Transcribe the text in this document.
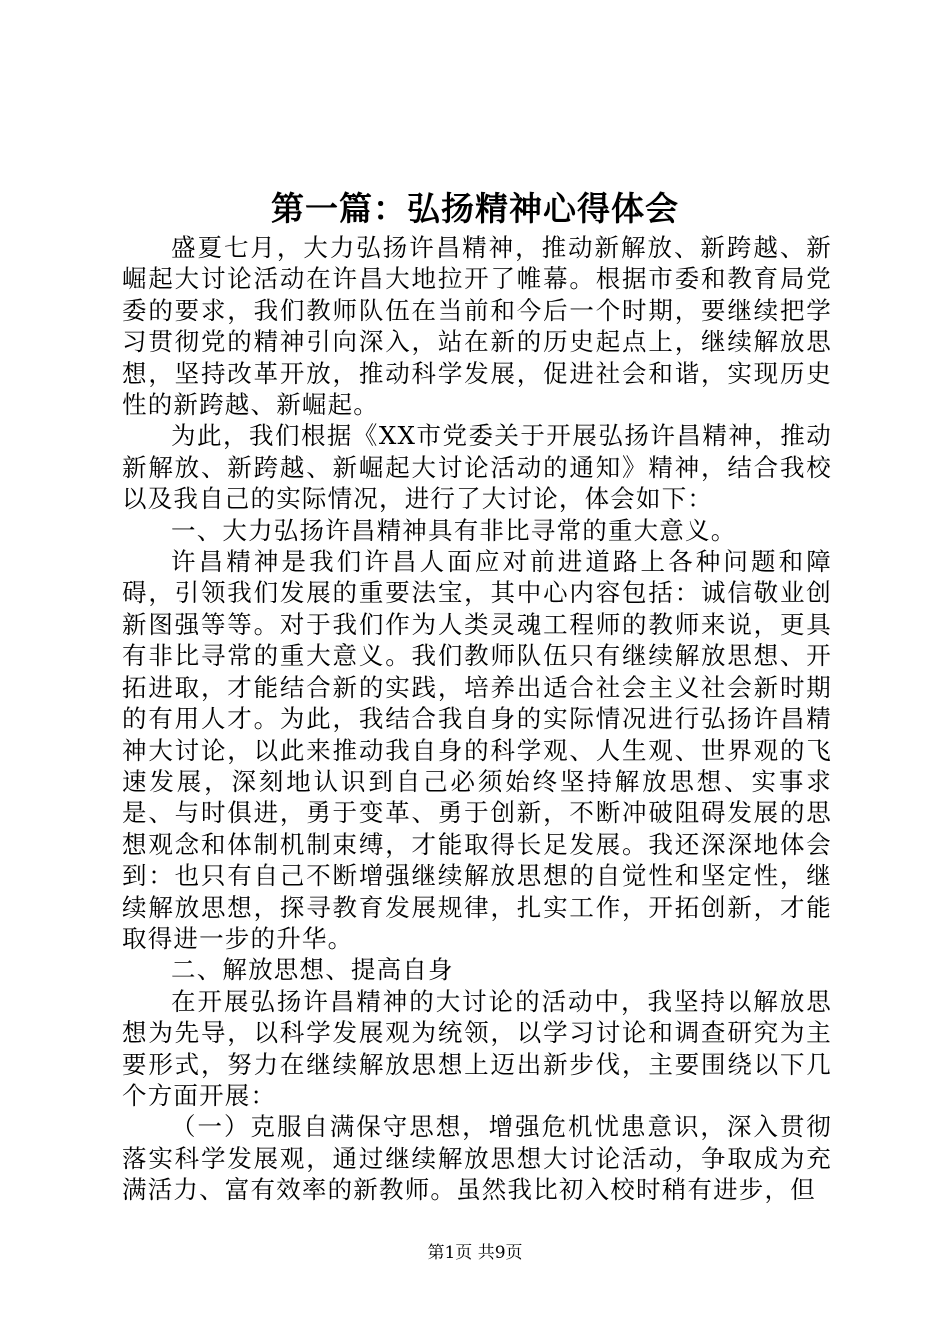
第一篇：弘扬精神心得体会

盛夏七月，大力弘扬许昌精神，推动新解放、新跨越、新崛起大讨论活动在许昌大地拉开了帷幕。根据市委和教育局党委的要求，我们教师队伍在当前和今后一个时期，要继续把学习贯彻党的精神引向深入，站在新的历史起点上，继续解放思想，坚持改革开放，推动科学发展，促进社会和谐，实现历史性的新跨越、新崛起。

为此，我们根据《XX市党委关于开展弘扬许昌精神，推动新解放、新跨越、新崛起大讨论活动的通知》精神，结合我校以及我自己的实际情况，进行了大讨论，体会如下：

一、大力弘扬许昌精神具有非比寻常的重大意义。

许昌精神是我们许昌人面应对前进道路上各种问题和障碍，引领我们发展的重要法宝，其中心内容包括：诚信敬业创新图强等等。对于我们作为人类灵魂工程师的教师来说，更具有非比寻常的重大意义。我们教师队伍只有继续解放思想、开拓进取，才能结合新的实践，培养出适合社会主义社会新时期的有用人才。为此，我结合我自身的实际情况进行弘扬许昌精神大讨论，以此来推动我自身的科学观、人生观、世界观的飞速发展，深刻地认识到自己必须始终坚持解放思想、实事求是、与时俱进，勇于变革、勇于创新，不断冲破阻碍发展的思想观念和体制机制束缚，才能取得长足发展。我还深深地体会到：也只有自己不断增强继续解放思想的自觉性和坚定性，继续解放思想，探寻教育发展规律，扎实工作，开拓创新，才能取得进一步的升华。

二、解放思想、提高自身

在开展弘扬许昌精神的大讨论的活动中，我坚持以解放思想为先导，以科学发展观为统领，以学习讨论和调查研究为主要形式，努力在继续解放思想上迈出新步伐，主要围绕以下几个方面开展：

（一）克服自满保守思想，增强危机忧患意识，深入贯彻落实科学发展观，通过继续解放思想大讨论活动，争取成为充满活力、富有效率的新教师。虽然我比初入校时稍有进步，但

第1页 共9页
